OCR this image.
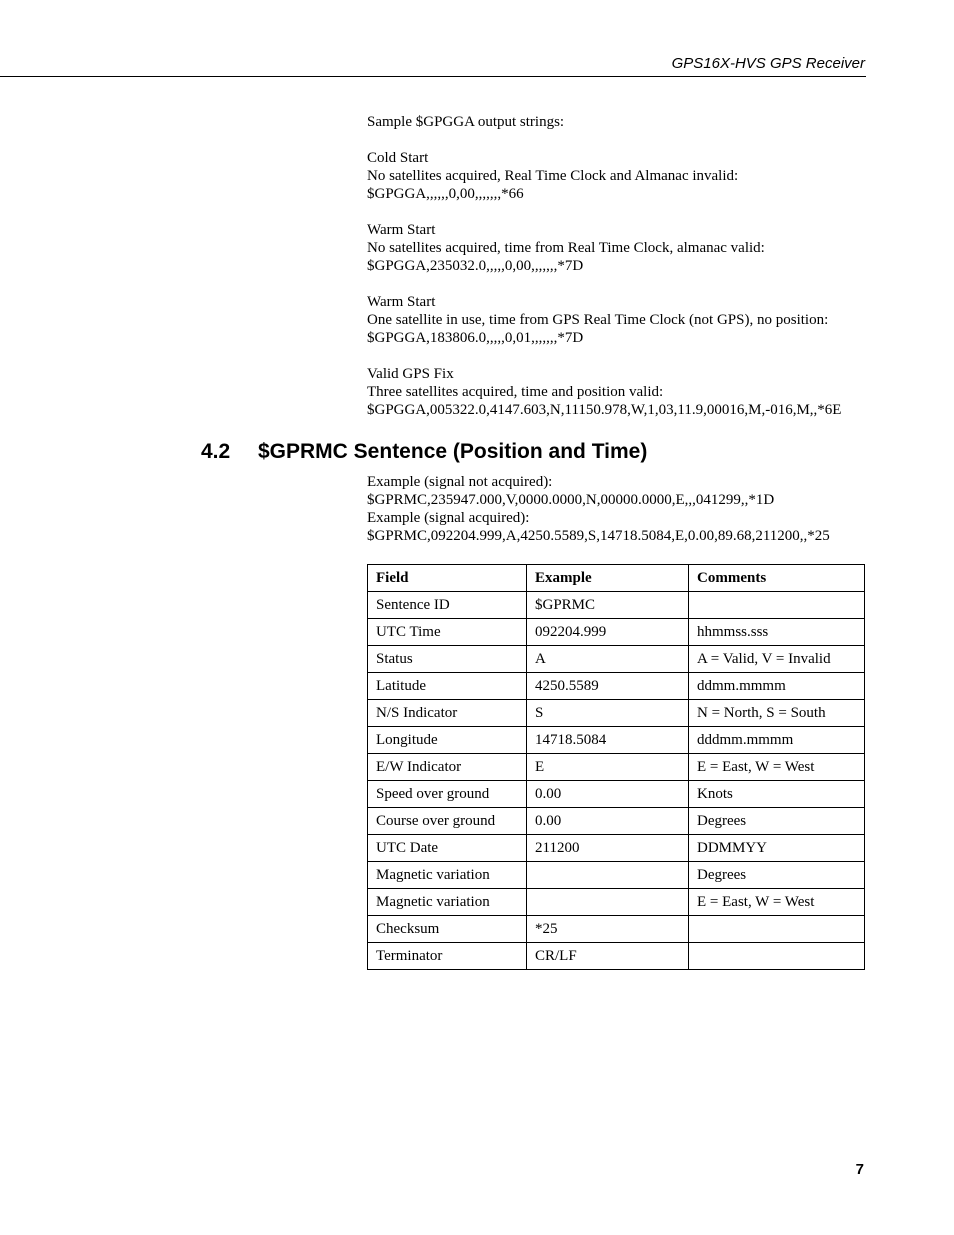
GPS16X-HVS GPS Receiver

Sample $GPGGA output strings:

Cold Start

No satellites acquired, Real Time Clock and Almanac invalid:

$GPGGA,,,,,,0,00,,,,,,,*66

Warm Start

No satellites acquired, time from Real Time Clock, almanac valid:

$GPGGA,235032.0,,,,,0,00,,,,,,,*7D

Warm Start

One satellite in use, time from GPS Real Time Clock (not GPS), no position:

$GPGGA,183806.0,,,,,0,01,,,,,,,*7D

Valid GPS Fix

Three satellites acquired, time and position valid:

$GPGGA,005322.0,4147.603,N,11150.978,W,1,03,11.9,00016,M,-016,M,,*6E

4.2 $GPRMC Sentence (Position and Time)

Example (signal not acquired):

$GPRMC,235947.000,V,0000.0000,N,00000.0000,E,,,041299,,*1D

Example (signal acquired):

$GPRMC,092204.999,A,4250.5589,S,14718.5084,E,0.00,89.68,211200,,*25

Field	Example	Comments
Sentence ID	$GPRMC	
UTC Time	092204.999	hhmmss.sss
Status	A	A = Valid, V = Invalid
Latitude	4250.5589	ddmm.mmmm
N/S Indicator	S	N = North, S = South
Longitude	14718.5084	dddmm.mmmm
E/W Indicator	E	E = East, W = West
Speed over ground	0.00	Knots
Course over ground	0.00	Degrees
UTC Date	211200	DDMMYY
Magnetic variation		Degrees
Magnetic variation		E = East, W = West
Checksum	*25	
Terminator	CR/LF	
7
